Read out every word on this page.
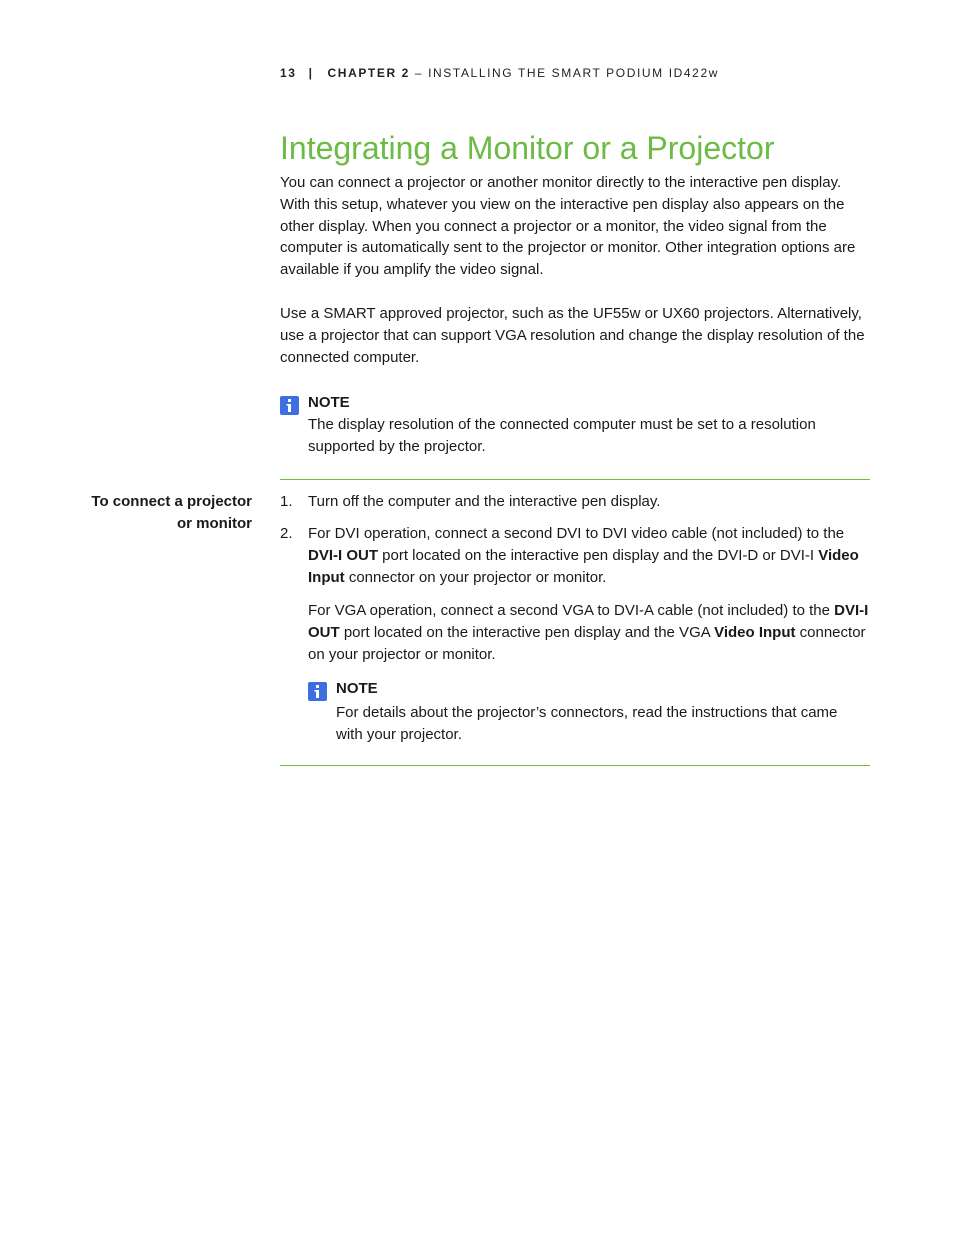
13 | CHAPTER 2 – INSTALLING THE SMART PODIUM ID422w
Integrating a Monitor or a Projector

You can connect a projector or another monitor directly to the interactive pen display. With this setup, whatever you view on the interactive pen display also appears on the other display. When you connect a projector or a monitor, the video signal from the computer is automatically sent to the projector or monitor. Other integration options are available if you amplify the video signal.

Use a SMART approved projector, such as the UF55w or UX60 projectors. Alternatively, use a projector that can support VGA resolution and change the display resolution of the connected computer.

NOTE

The display resolution of the connected computer must be set to a resolution supported by the projector.

To connect a projector
or monitor
1. Turn off the computer and the interactive pen display.
2. For DVI operation, connect a second DVI to DVI video cable (not included) to the DVI-I OUT port located on the interactive pen display and the DVI-D or DVI-I Video Input connector on your projector or monitor.
For VGA operation, connect a second VGA to DVI-A cable (not included) to the DVI-I OUT port located on the interactive pen display and the VGA Video Input connector on your projector or monitor.
NOTE

For details about the projector’s connectors, read the instructions that came with your projector.
